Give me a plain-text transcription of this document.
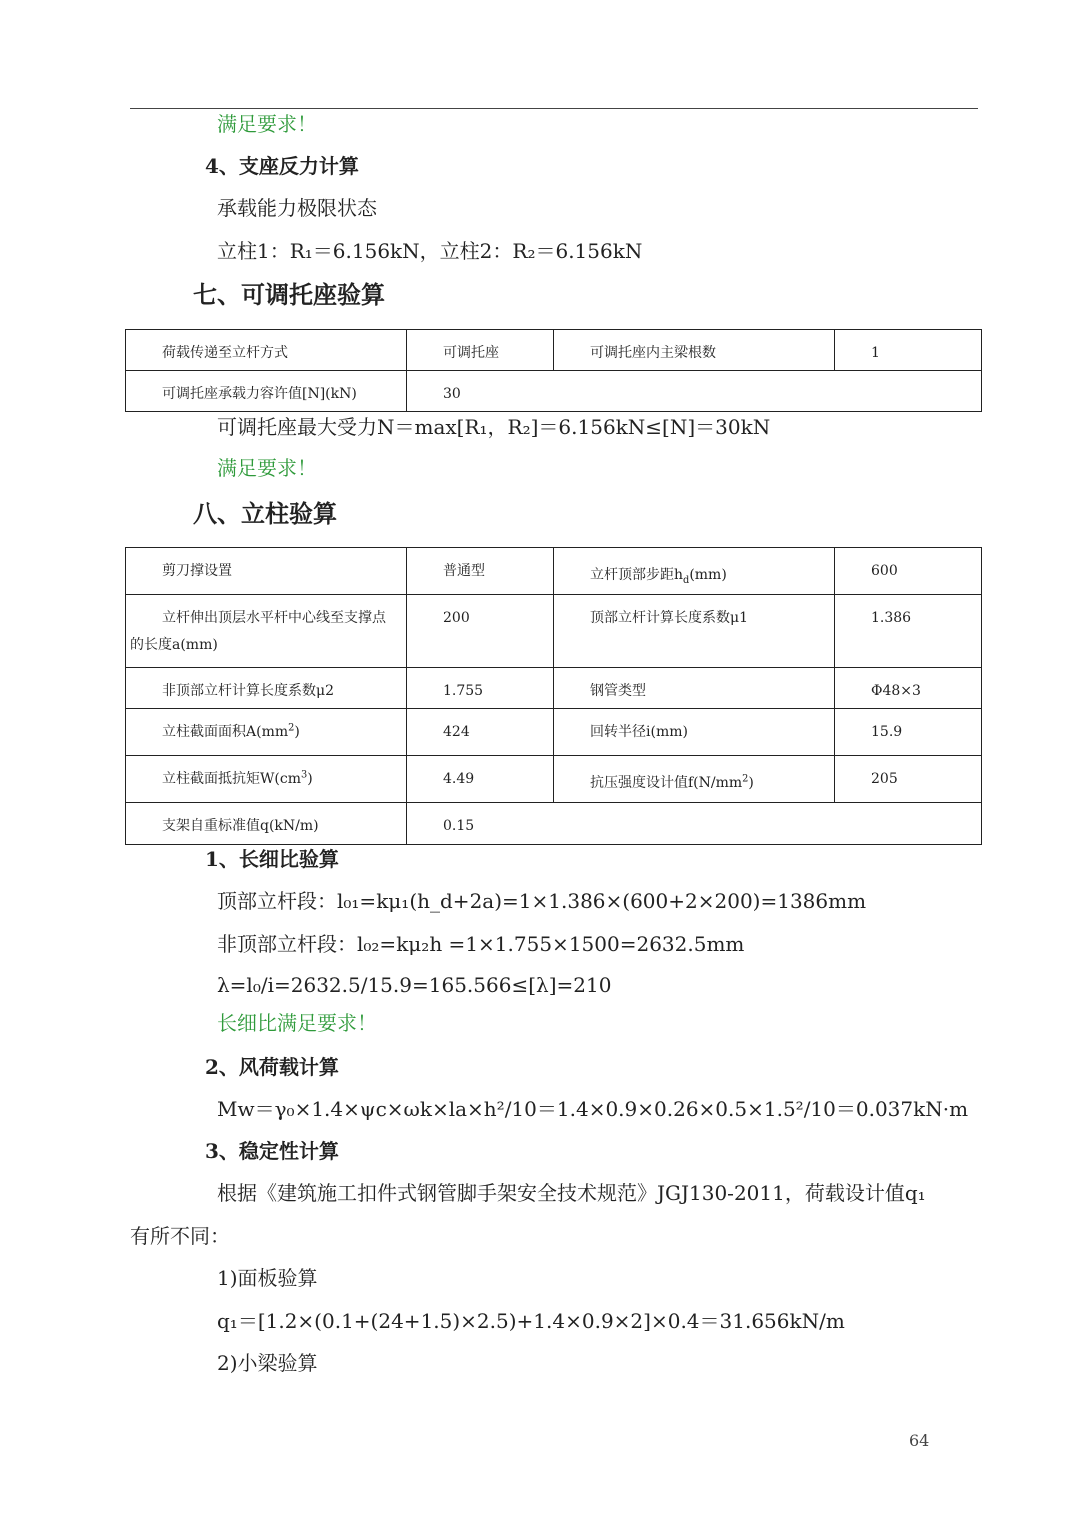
满足要求！
4、支座反力计算
承载能力极限状态
立柱1：R₁＝6.156kN，立柱2：R₂＝6.156kN
七、可调托座验算
荷载传递至立杆方式	可调托座	可调托座内主梁根数	1

可调托座承载力容许值[N](kN)	30		
可调托座最大受力N＝max[R₁，R₂]＝6.156kN≤[N]＝30kN
满足要求！
八、立柱验算
剪刀撑设置	普通型	立杆顶部步距$h_d(mm)$	600

立杆伸出顶层水平杆中心线至支撑点的长度a(mm)	200	顶部立杆计算长度系数μ1	1.386

非顶部立杆计算长度系数μ2	1.755	钢管类型	Φ48×3

立柱截面面积$A(mm^2)$	424	回转半径i(mm)	15.9

立柱截面抵抗矩$W(cm^3)$	4.49	抗压强度设计值$f(N/mm^2)$	205

支架自重标准值q(kN/m)	0.15		
1、长细比验算
顶部立杆段：l₀₁=kμ₁(h_d+2a)=1×1.386×(600+2×200)=1386mm
非顶部立杆段：l₀₂=kμ₂h =1×1.755×1500=2632.5mm
λ=l₀/i=2632.5/15.9=165.566≤[λ]=210
长细比满足要求！
2、风荷载计算
Mw＝γ₀×1.4×ψc×ωk×la×h²/10＝1.4×0.9×0.26×0.5×1.5²/10＝0.037kN·m
3、稳定性计算
根据《建筑施工扣件式钢管脚手架安全技术规范》JGJ130-2011，荷载设计值q₁
有所不同：
1)面板验算
q₁＝[1.2×(0.1+(24+1.5)×2.5)+1.4×0.9×2]×0.4＝31.656kN/m
2)小梁验算
64
